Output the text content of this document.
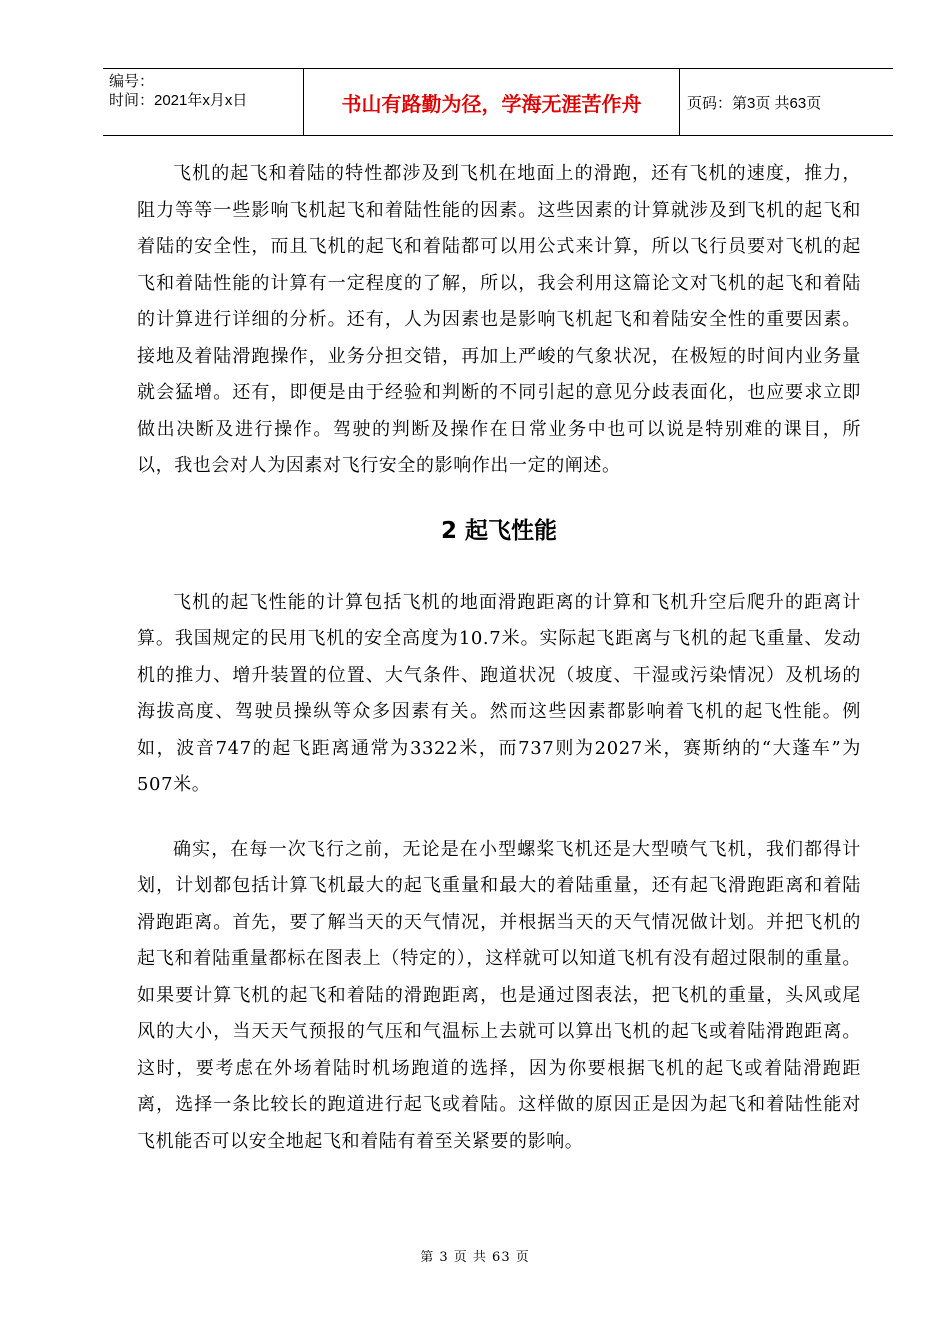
编号：
时间：2021年x月x日	书山有路勤为径，学海无涯苦作舟	页码：第3页 共63页

飞机的起飞和着陆的特性都涉及到飞机在地面上的滑跑，还有飞机的速度，推力，阻力等等一些影响飞机起飞和着陆性能的因素。这些因素的计算就涉及到飞机的起飞和着陆的安全性，而且飞机的起飞和着陆都可以用公式来计算，所以飞行员要对飞机的起飞和着陆性能的计算有一定程度的了解，所以，我会利用这篇论文对飞机的起飞和着陆的计算进行详细的分析。还有，人为因素也是影响飞机起飞和着陆安全性的重要因素。接地及着陆滑跑操作，业务分担交错，再加上严峻的气象状况，在极短的时间内业务量就会猛增。还有，即便是由于经验和判断的不同引起的意见分歧表面化，也应要求立即做出决断及进行操作。驾驶的判断及操作在日常业务中也可以说是特别难的课目，所以，我也会对人为因素对飞行安全的影响作出一定的阐述。

2 起飞性能

飞机的起飞性能的计算包括飞机的地面滑跑距离的计算和飞机升空后爬升的距离计算。我国规定的民用飞机的安全高度为10.7米。实际起飞距离与飞机的起飞重量、发动机的推力、增升装置的位置、大气条件、跑道状况（坡度、干湿或污染情况）及机场的海拔高度、驾驶员操纵等众多因素有关。然而这些因素都影响着飞机的起飞性能。例如，波音747的起飞距离通常为3322米，而737则为2027米，赛斯纳的“大蓬车”为507米。

确实，在每一次飞行之前，无论是在小型螺桨飞机还是大型喷气飞机，我们都得计划，计划都包括计算飞机最大的起飞重量和最大的着陆重量，还有起飞滑跑距离和着陆滑跑距离。首先，要了解当天的天气情况，并根据当天的天气情况做计划。并把飞机的起飞和着陆重量都标在图表上（特定的），这样就可以知道飞机有没有超过限制的重量。如果要计算飞机的起飞和着陆的滑跑距离，也是通过图表法，把飞机的重量，头风或尾风的大小，当天天气预报的气压和气温标上去就可以算出飞机的起飞或着陆滑跑距离。这时，要考虑在外场着陆时机场跑道的选择，因为你要根据飞机的起飞或着陆滑跑距离，选择一条比较长的跑道进行起飞或着陆。这样做的原因正是因为起飞和着陆性能对飞机能否可以安全地起飞和着陆有着至关紧要的影响。

第 3 页 共 63 页
